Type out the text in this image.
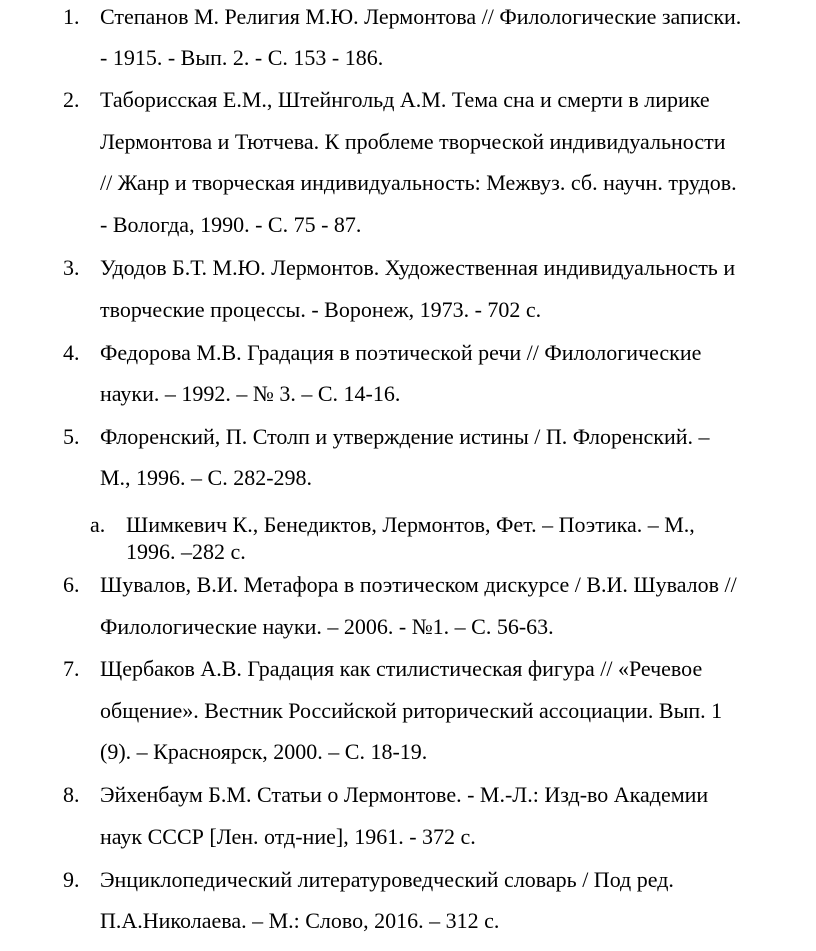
1. Степанов М. Религия М.Ю. Лермонтова // Филологические записки.
- 1915. - Вып. 2. - С. 153 - 186.
2. Таборисская Е.М., Штейнгольд А.М. Тема сна и смерти в лирике
Лермонтова и Тютчева. К проблеме творческой индивидуальности
// Жанр и творческая индивидуальность: Межвуз. сб. научн. трудов.
- Вологда, 1990. - С. 75 - 87.
3. Удодов Б.Т. М.Ю. Лермонтов. Художественная индивидуальность и
творческие процессы. - Воронеж, 1973. - 702 с.
4. Федорова М.В. Градация в поэтической речи // Филологические
науки. – 1992. – № 3. – С. 14-16.
5. Флоренский, П. Столп и утверждение истины / П. Флоренский. –
М., 1996. – С. 282-298.
a. Шимкевич К., Бенедиктов, Лермонтов, Фет. – Поэтика. – М.,
1996. –282 с.
6. Шувалов, В.И. Метафора в поэтическом дискурсе / В.И. Шувалов //
Филологические науки. – 2006. - №1. – С. 56-63.
7. Щербаков А.В. Градация как стилистическая фигура // «Речевое
общение». Вестник Российской риторический ассоциации. Вып. 1
(9). – Красноярск, 2000. – С. 18-19.
8. Эйхенбаум Б.М. Статьи о Лермонтове. - М.-Л.: Изд-во Академии
наук СССР [Лен. отд-ние], 1961. - 372 с.
9. Энциклопедический литературоведческий словарь / Под ред.
П.А.Николаева. – М.: Слово, 2016. – 312 с.
